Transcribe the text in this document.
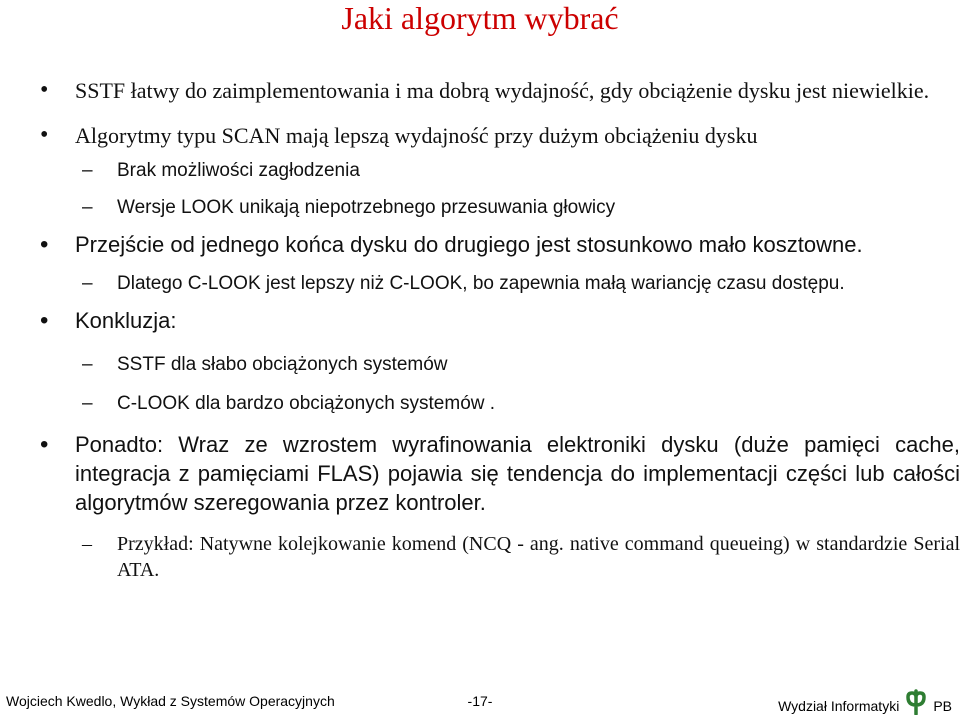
Jaki algorytm wybrać
• SSTF łatwy do zaimplementowania i ma dobrą wydajność, gdy obciążenie dysku jest niewielkie.
• Algorytmy typu SCAN mają lepszą wydajność przy dużym obciążeniu dysku
– Brak możliwości zagłodzenia
– Wersje LOOK unikają niepotrzebnego przesuwania głowicy
• Przejście od jednego końca dysku do drugiego jest stosunkowo mało kosztowne.
– Dlatego C-LOOK jest lepszy niż C-LOOK, bo zapewnia małą wariancję czasu dostępu.
• Konkluzja:
– SSTF dla słabo obciążonych systemów
– C-LOOK dla bardzo obciążonych systemów .
• Ponadto: Wraz ze wzrostem wyrafinowania elektroniki dysku (duże pamięci cache, integracja z pamięciami FLAS) pojawia się tendencja do implementacji części lub całości algorytmów szeregowania przez kontroler.
– Przykład: Natywne kolejkowanie komend (NCQ - ang. native command queueing) w standardzie Serial ATA.
Wojciech Kwedlo, Wykład z Systemów Operacyjnych	-17-	Wydział Informatyki PB
